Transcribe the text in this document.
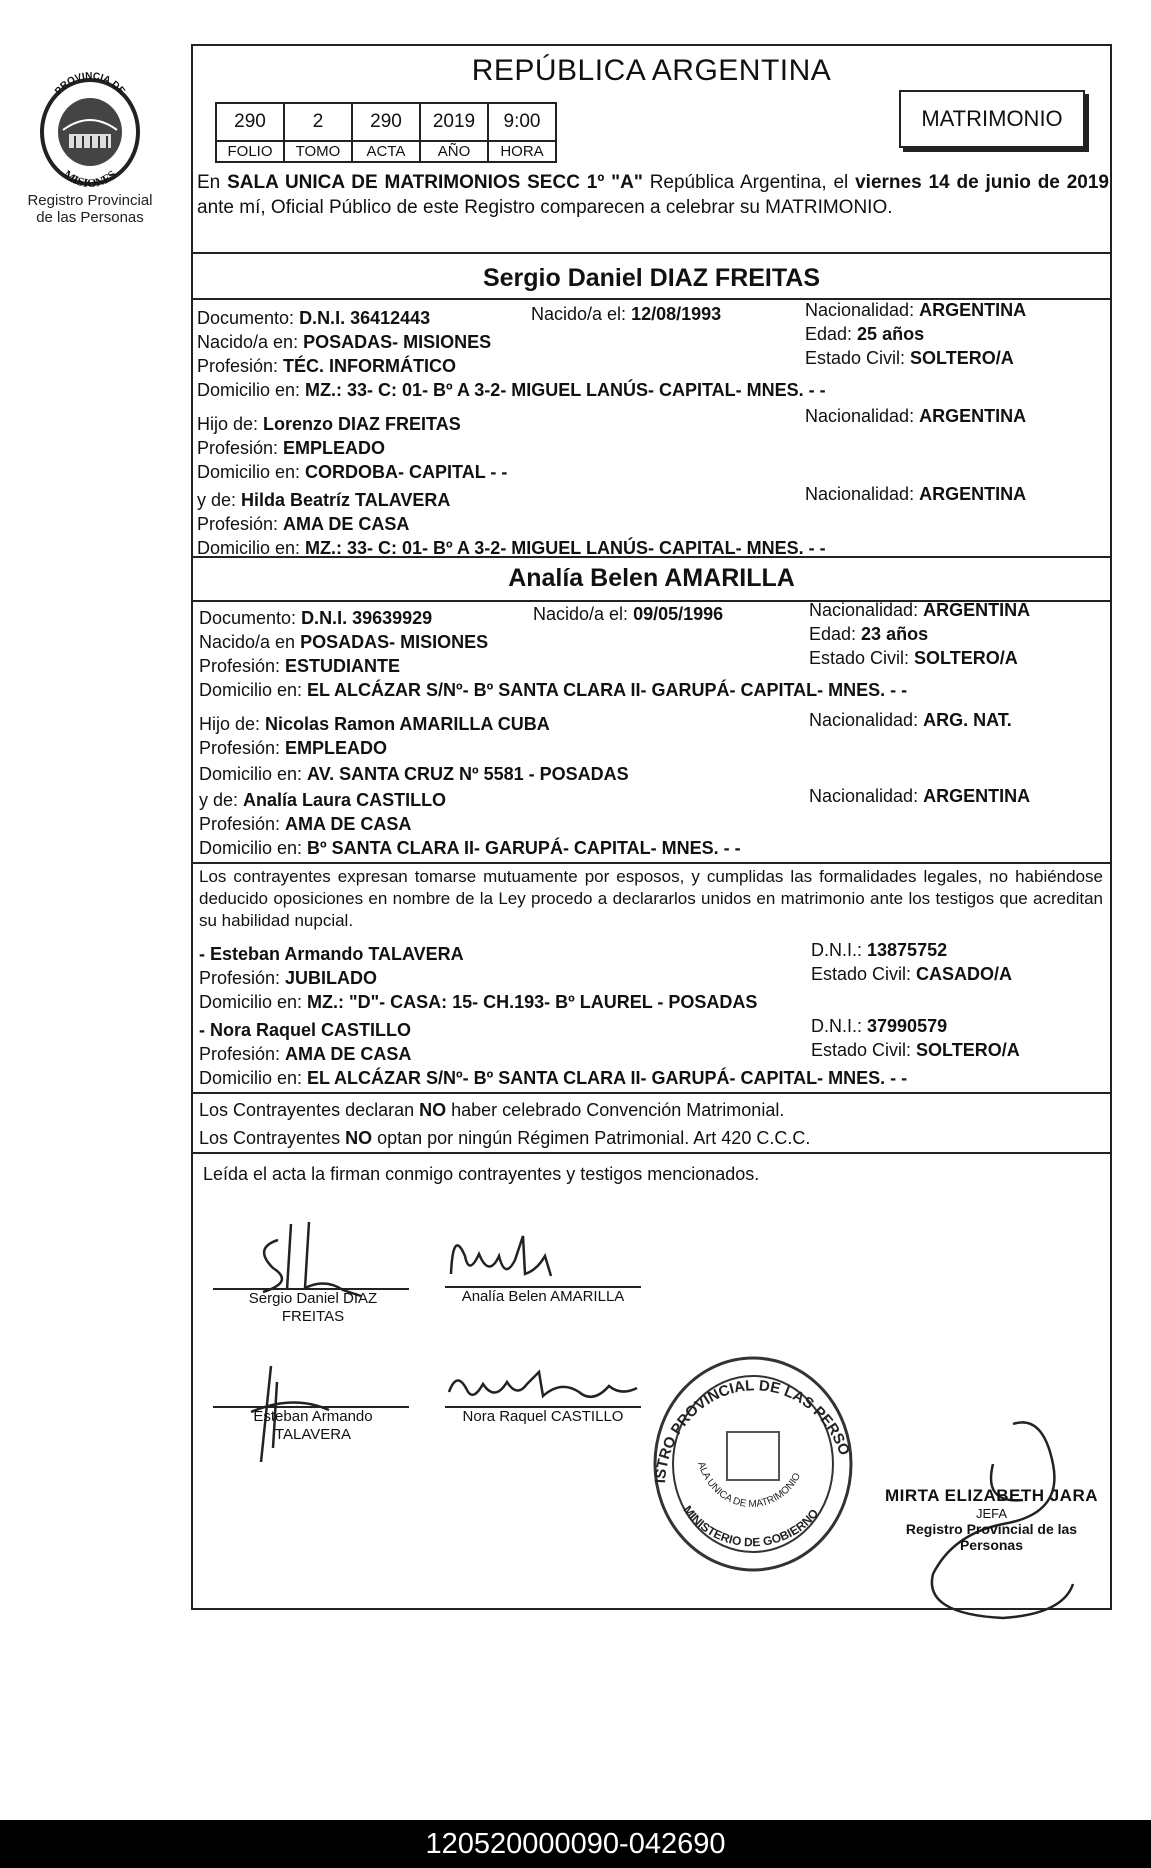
PROVINCIA DE
MISIONES
Registro Provincial
de las Personas
REPÚBLICA ARGENTINA
290	2	290	2019	9:00
FOLIO	TOMO	ACTA	AÑO	HORA
MATRIMONIO
En SALA UNICA DE MATRIMONIOS SECC 1º "A" República Argentina, el viernes 14 de junio de 2019 ante mí, Oficial Público de este Registro comparecen a celebrar su MATRIMONIO.
Sergio Daniel DIAZ FREITAS
Documento: D.N.I. 36412443	Nacido/a el: 12/08/1993	Nacionalidad: ARGENTINA
Nacido/a en: POSADAS- MISIONES	Edad: 25 años
Profesión: TÉC. INFORMÁTICO	Estado Civil: SOLTERO/A
Domicilio en: MZ.: 33- C: 01- Bº A 3-2- MIGUEL LANÚS- CAPITAL- MNES. - -
Hijo de: Lorenzo DIAZ FREITAS	Nacionalidad: ARGENTINA
Profesión: EMPLEADO
Domicilio en: CORDOBA- CAPITAL - -
y de: Hilda Beatríz TALAVERA	Nacionalidad: ARGENTINA
Profesión: AMA DE CASA
Domicilio en: MZ.: 33- C: 01- Bº A 3-2- MIGUEL LANÚS- CAPITAL- MNES. - -
Analía Belen AMARILLA
Documento: D.N.I. 39639929	Nacido/a el: 09/05/1996	Nacionalidad: ARGENTINA
Nacido/a en POSADAS- MISIONES	Edad: 23 años
Profesión: ESTUDIANTE	Estado Civil: SOLTERO/A
Domicilio en: EL ALCÁZAR S/Nº- Bº SANTA CLARA II- GARUPÁ- CAPITAL- MNES. - -
Hijo de: Nicolas Ramon AMARILLA CUBA	Nacionalidad: ARG. NAT.
Profesión: EMPLEADO
Domicilio en: AV. SANTA CRUZ Nº 5581 - POSADAS
y de: Analía Laura CASTILLO	Nacionalidad: ARGENTINA
Profesión: AMA DE CASA
Domicilio en: Bº SANTA CLARA II- GARUPÁ- CAPITAL- MNES. - -
Los contrayentes expresan tomarse mutuamente por esposos, y cumplidas las formalidades legales, no habiéndose deducido oposiciones en nombre de la Ley procedo a declararlos unidos en matrimonio ante los testigos que acreditan su habilidad nupcial.
- Esteban Armando TALAVERA	D.N.I.: 13875752
Profesión: JUBILADO	Estado Civil: CASADO/A
Domicilio en: MZ.: "D"- CASA: 15- CH.193- Bº LAUREL - POSADAS
- Nora Raquel CASTILLO	D.N.I.: 37990579
Profesión: AMA DE CASA	Estado Civil: SOLTERO/A
Domicilio en: EL ALCÁZAR S/Nº- Bº SANTA CLARA II- GARUPÁ- CAPITAL- MNES. - -
Los Contrayentes declaran NO haber celebrado Convención Matrimonial.
Los Contrayentes NO optan por ningún Régimen Patrimonial. Art 420 C.C.C.
Leída el acta la firman conmigo contrayentes y testigos mencionados.
Sergio Daniel DIAZ
FREITAS
Analía Belen AMARILLA
Esteban Armando
TALAVERA
Nora Raquel CASTILLO
ISTRO PROVINCIAL DE LAS PERSO
MINISTERIO DE GOBIERNO
ALA UNICA DE MATRIMONIO
MIRTA ELIZABETH JARA
JEFA
Registro Provincial de las Personas
120520000090-042690
